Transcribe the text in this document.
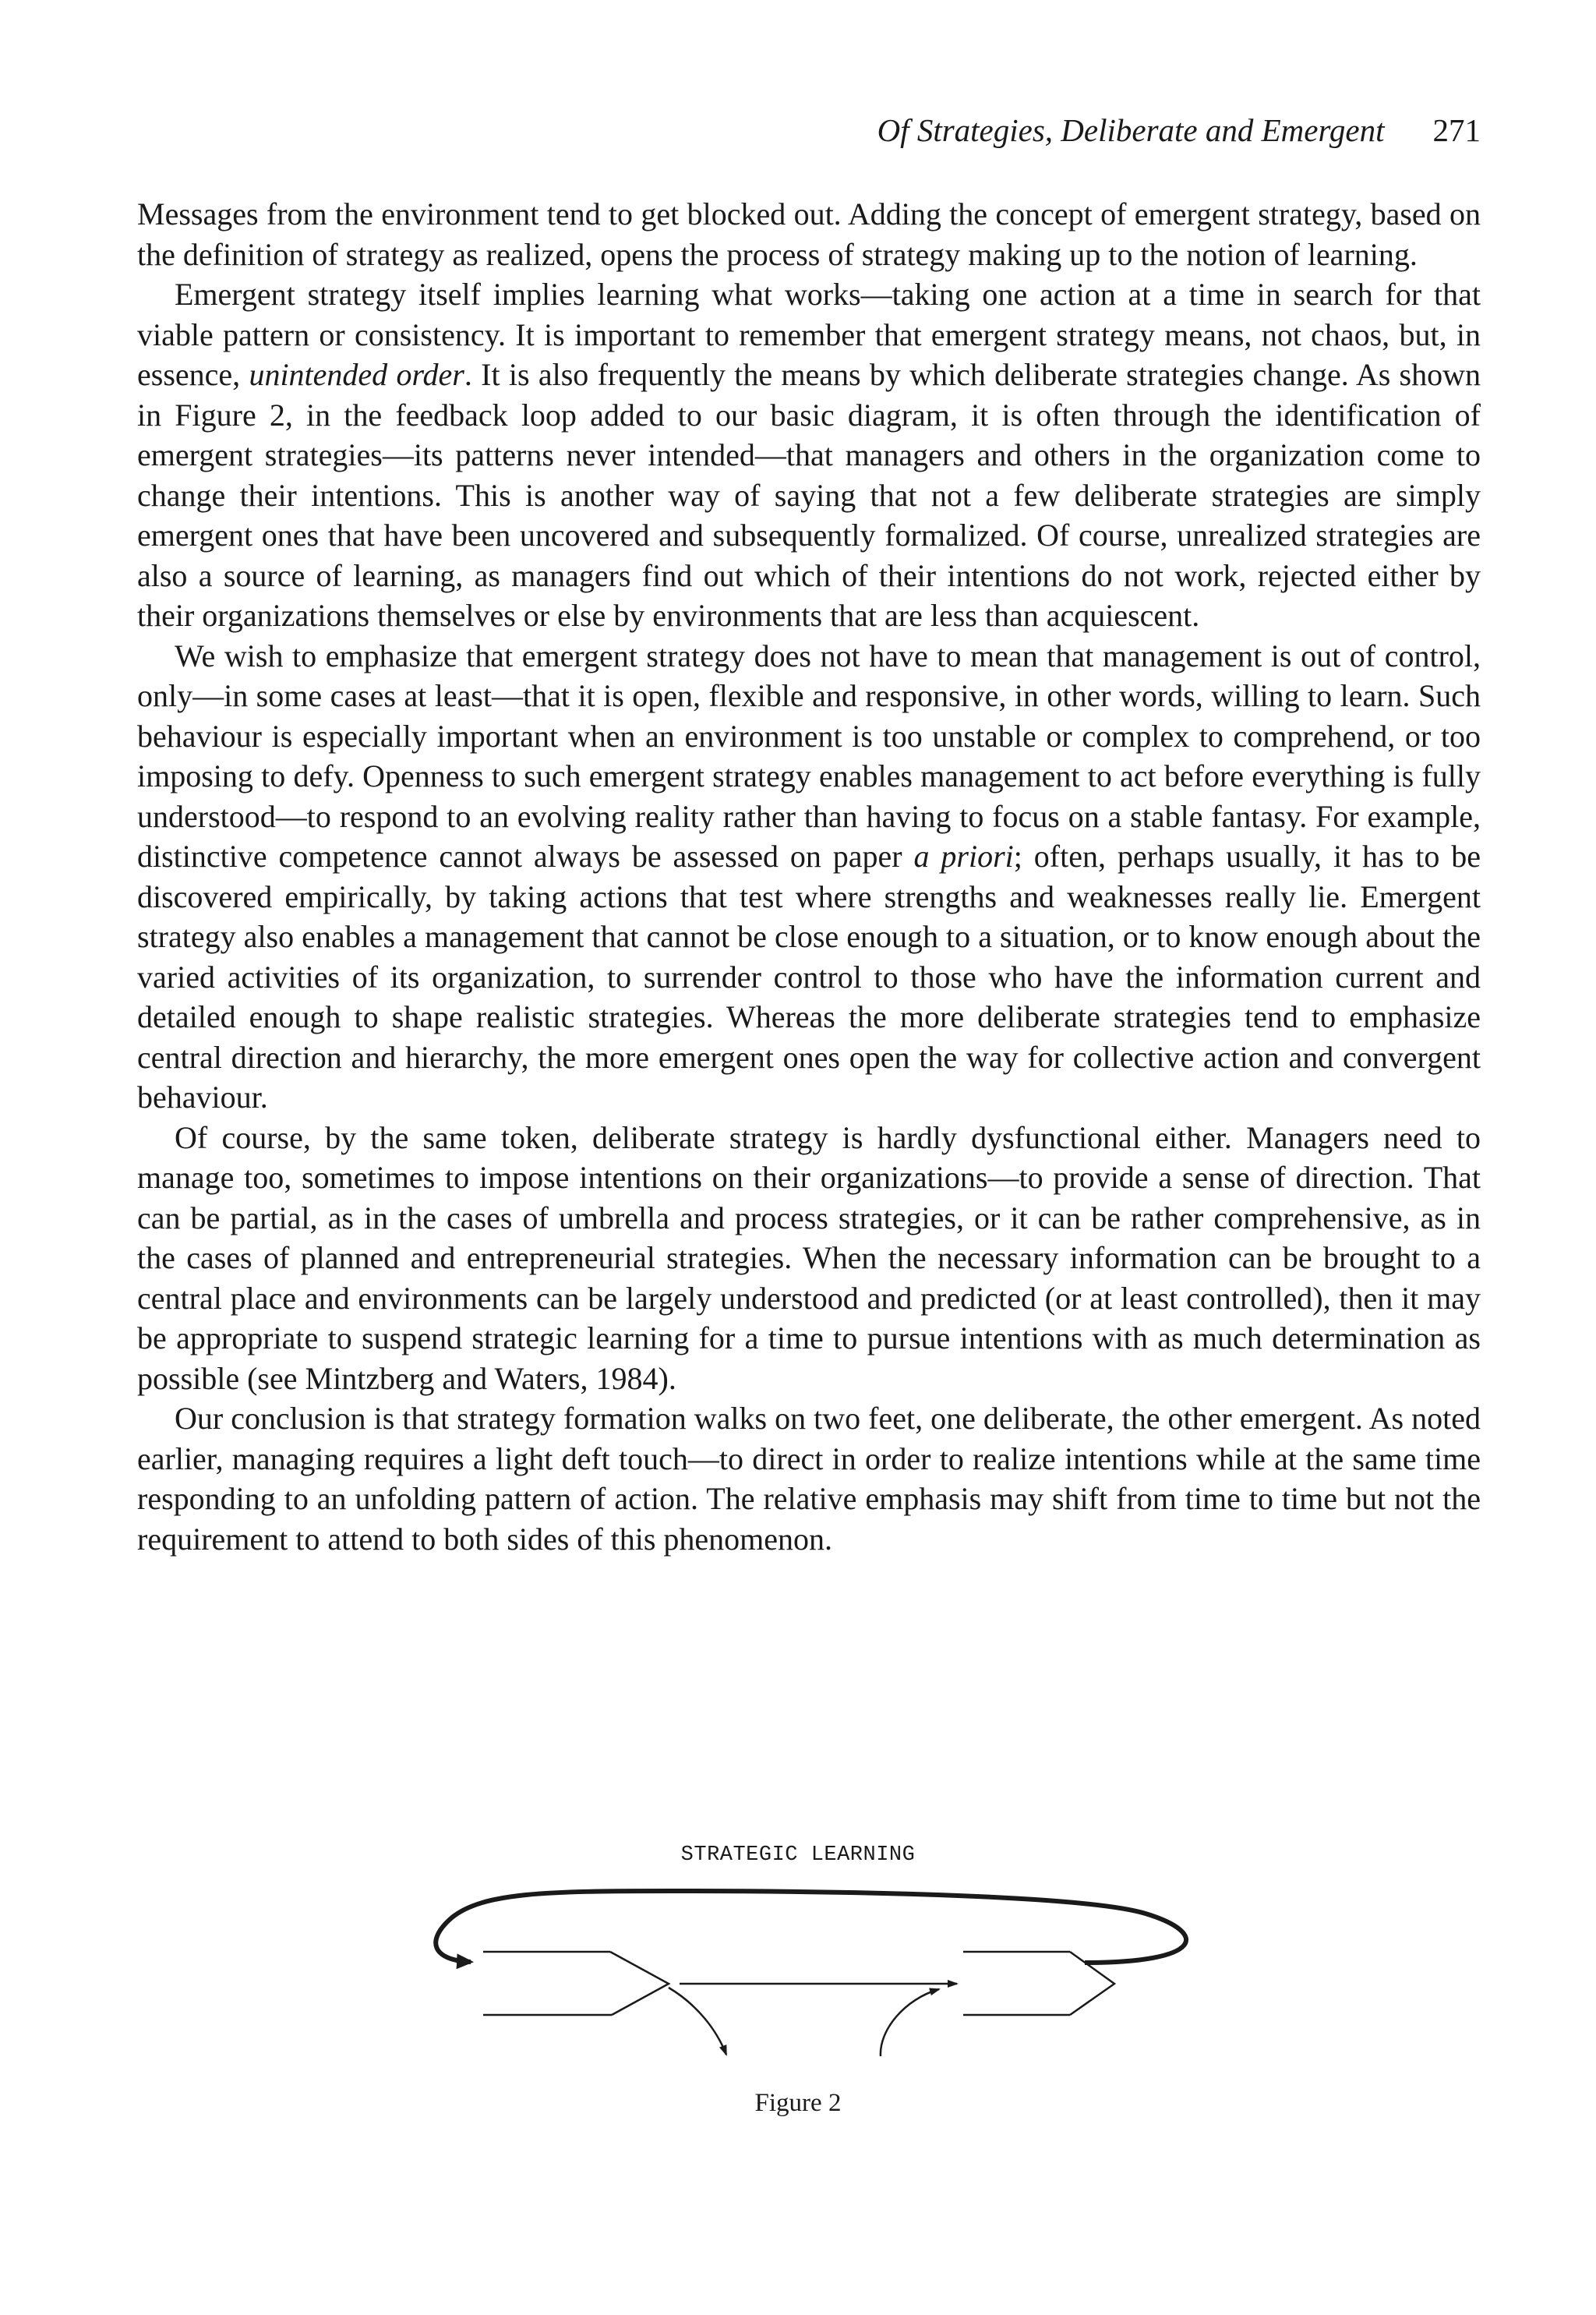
Of Strategies, Deliberate and Emergent 271

Messages from the environment tend to get blocked out. Adding the concept of emergent strategy, based on the definition of strategy as realized, opens the process of strategy making up to the notion of learning.

Emergent strategy itself implies learning what works—taking one action at a time in search for that viable pattern or consistency. It is important to remember that emergent strategy means, not chaos, but, in essence, unintended order. It is also frequently the means by which deliberate strategies change. As shown in Figure 2, in the feedback loop added to our basic diagram, it is often through the identification of emergent strategies—its patterns never intended—that managers and others in the organization come to change their intentions. This is another way of saying that not a few deliberate strategies are simply emergent ones that have been uncovered and subsequently formalized. Of course, unrealized strategies are also a source of learning, as managers find out which of their intentions do not work, rejected either by their organizations themselves or else by environments that are less than acquiescent.

We wish to emphasize that emergent strategy does not have to mean that management is out of control, only—in some cases at least—that it is open, flexible and responsive, in other words, willing to learn. Such behaviour is especially important when an environment is too unstable or complex to comprehend, or too imposing to defy. Openness to such emergent strategy enables management to act before everything is fully understood—to respond to an evolving reality rather than having to focus on a stable fantasy. For example, distinctive competence cannot always be assessed on paper a priori; often, perhaps usually, it has to be discovered empirically, by taking actions that test where strengths and weaknesses really lie. Emergent strategy also enables a management that cannot be close enough to a situation, or to know enough about the varied activities of its organization, to surrender control to those who have the information current and detailed enough to shape realistic strategies. Whereas the more deliberate strategies tend to emphasize central direction and hierarchy, the more emergent ones open the way for collective action and convergent behaviour.

Of course, by the same token, deliberate strategy is hardly dysfunctional either. Managers need to manage too, sometimes to impose intentions on their organizations—to provide a sense of direction. That can be partial, as in the cases of umbrella and process strategies, or it can be rather comprehensive, as in the cases of planned and entrepreneurial strategies. When the necessary information can be brought to a central place and environments can be largely understood and predicted (or at least controlled), then it may be appropriate to suspend strategic learning for a time to pursue intentions with as much determination as possible (see Mintzberg and Waters, 1984).

Our conclusion is that strategy formation walks on two feet, one deliberate, the other emergent. As noted earlier, managing requires a light deft touch—to direct in order to realize intentions while at the same time responding to an unfolding pattern of action. The relative emphasis may shift from time to time but not the requirement to attend to both sides of this phenomenon.

STRATEGIC LEARNING
Figure 2
